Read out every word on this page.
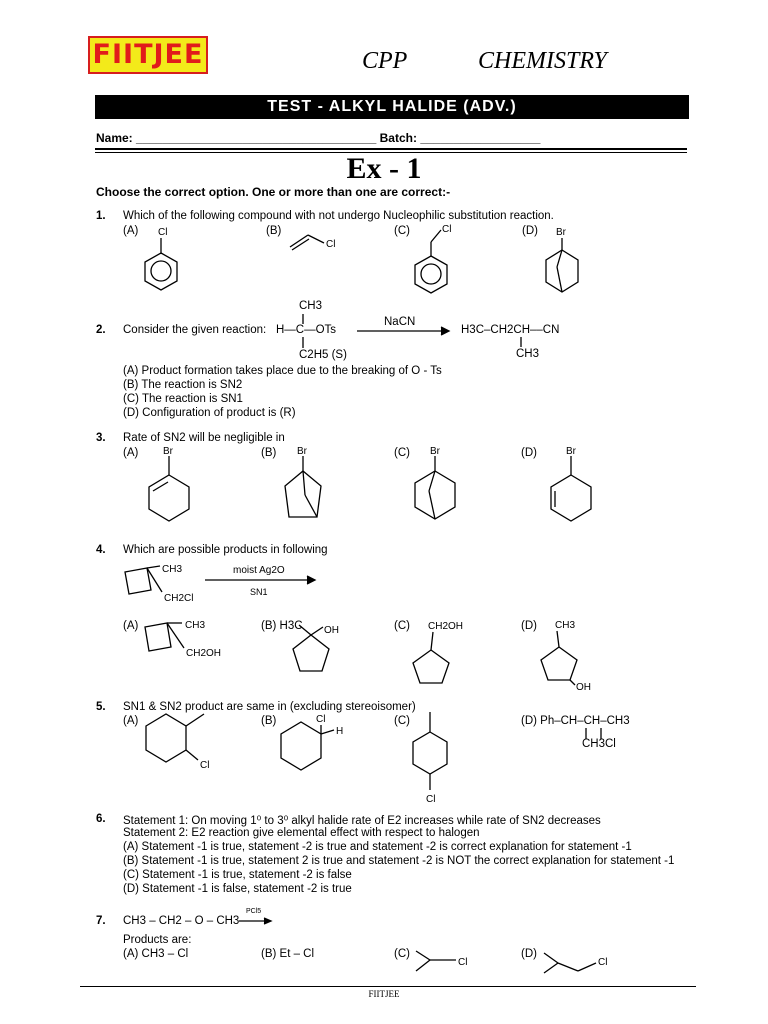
FIITJEE	CPP	CHEMISTRY
TEST - ALKYL HALIDE (ADV.)
Name: ____________________________________ Batch: __________________
Ex - 1
Choose the correct option. One or more than one are correct:-
1. Which of the following compound with not undergo Nucleophilic substitution reaction.
(A)	(B)	(C)	(D)
Cl
Cl
Cl	Br
2. Consider the given reaction:
CH3
H—C—OTs
C2H5 (S)
NaCN
H3C–CH2CH––CN
CH3
(A) Product formation takes place due to the breaking of O - Ts
(B) The reaction is SN2
(C) The reaction is SN1
(D) Configuration of product is (R)
3. Rate of SN2 will be negligible in
(A)	(B)	(C)	(D)
Br	Br	Br	Br
4. Which are possible products in following
CH3
CH2Cl
moist Ag2O
SN1
(A)	(B) H3C	(C)	(D)
CH3
CH2OH
OH	CH2OH	CH3
OH
5. SN1 & SN2 product are same in (excluding stereoisomer)
(A)	(B)	(C)	(D) Ph–CH–CH–CH3
CH3Cl
Cl
Cl
H
Cl
6. Statement 1: On moving 1⁰ to 3⁰ alkyl halide rate of E2 increases while rate of SN2 decreases
Statement 2: E2 reaction give elemental effect with respect to halogen
(A) Statement -1 is true, statement -2 is true and statement -2 is correct explanation for statement -1
(B) Statement -1 is true, statement 2 is true and statement -2 is NOT the correct explanation for statement -1
(C) Statement -1 is true, statement -2 is false
(D) Statement -1 is false, statement -2 is true
7. CH3 – CH2 – O – CH3
PCl5
Products are:
(A) CH3 – Cl	(B) Et – Cl	(C)	(D)
Cl	Cl
FIITJEE
